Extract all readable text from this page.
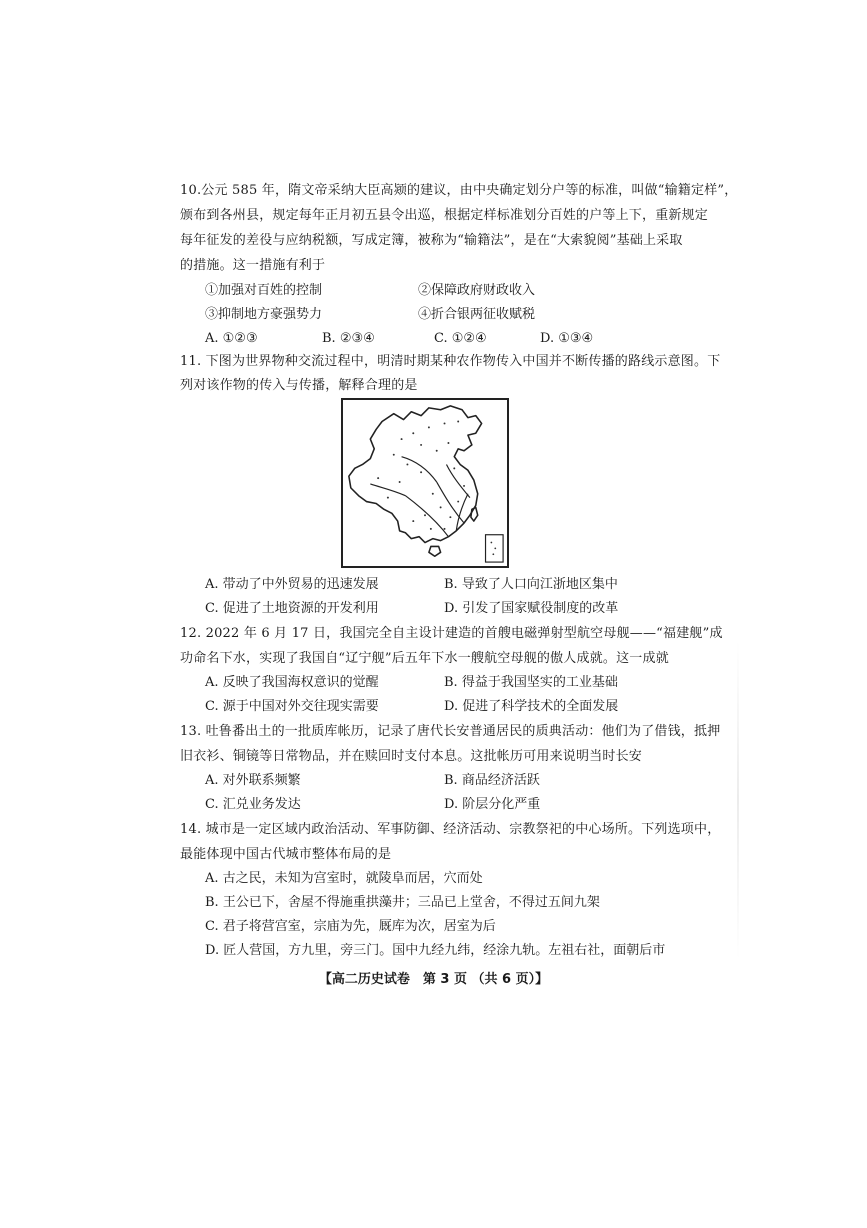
10.公元 585 年，隋文帝采纳大臣高颎的建议，由中央确定划分户等的标准，叫做“输籍定样”，
颁布到各州县，规定每年正月初五县令出巡，根据定样标准划分百姓的户等上下，重新规定
每年征发的差役与应纳税额，写成定簿，被称为“输籍法”，是在“大索貌阅”基础上采取
的措施。这一措施有利于
①加强对百姓的控制	②保障政府财政收入
③抑制地方豪强势力	④折合银两征收赋税
A. ①②③	B. ②③④	C. ①②④	D. ①③④
11. 下图为世界物种交流过程中，明清时期某种农作物传入中国并不断传播的路线示意图。下
列对该作物的传入与传播，解释合理的是
A. 带动了中外贸易的迅速发展	B. 导致了人口向江浙地区集中
C. 促进了土地资源的开发利用	D. 引发了国家赋役制度的改革
12. 2022 年 6 月 17 日，我国完全自主设计建造的首艘电磁弹射型航空母舰——“福建舰”成
功命名下水，实现了我国自“辽宁舰”后五年下水一艘航空母舰的傲人成就。这一成就
A. 反映了我国海权意识的觉醒	B. 得益于我国坚实的工业基础
C. 源于中国对外交往现实需要	D. 促进了科学技术的全面发展
13. 吐鲁番出土的一批质库帐历，记录了唐代长安普通居民的质典活动：他们为了借钱，抵押
旧衣衫、铜镜等日常物品，并在赎回时支付本息。这批帐历可用来说明当时长安
A. 对外联系频繁	B. 商品经济活跃
C. 汇兑业务发达	D. 阶层分化严重
14. 城市是一定区域内政治活动、军事防御、经济活动、宗教祭祀的中心场所。下列选项中，
最能体现中国古代城市整体布局的是
A. 古之民，未知为宫室时，就陵阜而居，穴而处
B. 王公已下，舍屋不得施重拱藻井；三品已上堂舍，不得过五间九架
C. 君子将营宫室，宗庙为先，厩库为次，居室为后
D. 匠人营国，方九里，旁三门。国中九经九纬，经涂九轨。左祖右社，面朝后市
【高二历史试卷　第 3 页 （共 6 页）】
